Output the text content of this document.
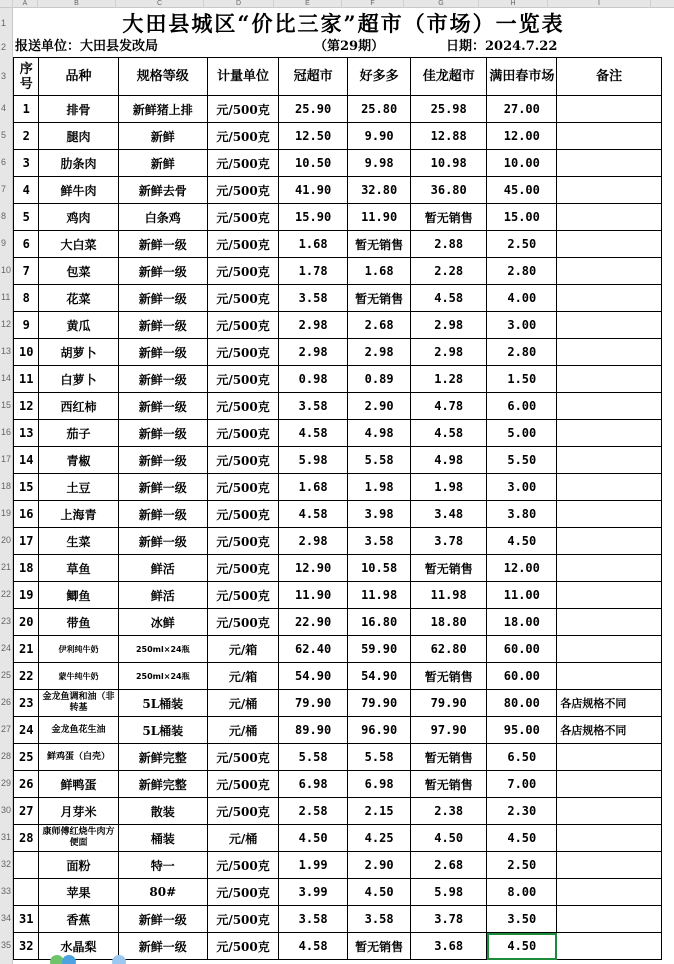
A	B	C	D	E	F	G	H	I
1
2
3
4
5
6
7
8
9
10
11
12
13
14
15
16
17
18
19
20
21
22
23
24
25
26
27
28
29
30
31
32
33
34
35
大田县城区“价比三家”超市（市场）一览表
报送单位：大田县发改局	（第29期）	日期：2024.7.22
序号	品种	规格等级	计量单位	冠超市	好多多	佳龙超市	满田春市场	备注
1	排骨	新鲜猪上排	元/500克	25.90	25.80	25.98	27.00	
2	腿肉	新鲜	元/500克	12.50	9.90	12.88	12.00	
3	肋条肉	新鲜	元/500克	10.50	9.98	10.98	10.00	
4	鲜牛肉	新鲜去骨	元/500克	41.90	32.80	36.80	45.00	
5	鸡肉	白条鸡	元/500克	15.90	11.90	暂无销售	15.00	
6	大白菜	新鲜一级	元/500克	1.68	暂无销售	2.88	2.50	
7	包菜	新鲜一级	元/500克	1.78	1.68	2.28	2.80	
8	花菜	新鲜一级	元/500克	3.58	暂无销售	4.58	4.00	
9	黄瓜	新鲜一级	元/500克	2.98	2.68	2.98	3.00	
10	胡萝卜	新鲜一级	元/500克	2.98	2.98	2.98	2.80	
11	白萝卜	新鲜一级	元/500克	0.98	0.89	1.28	1.50	
12	西红柿	新鲜一级	元/500克	3.58	2.90	4.78	6.00	
13	茄子	新鲜一级	元/500克	4.58	4.98	4.58	5.00	
14	青椒	新鲜一级	元/500克	5.98	5.58	4.98	5.50	
15	土豆	新鲜一级	元/500克	1.68	1.98	1.98	3.00	
16	上海青	新鲜一级	元/500克	4.58	3.98	3.48	3.80	
17	生菜	新鲜一级	元/500克	2.98	3.58	3.78	4.50	
18	草鱼	鲜活	元/500克	12.90	10.58	暂无销售	12.00	
19	鲫鱼	鲜活	元/500克	11.90	11.98	11.98	11.00	
20	带鱼	冰鲜	元/500克	22.90	16.80	18.80	18.00	
21	伊利纯牛奶	250ml×24瓶	元/箱	62.40	59.90	62.80	60.00	
22	蒙牛纯牛奶	250ml×24瓶	元/箱	54.90	54.90	暂无销售	60.00	
23	金龙鱼调和油（非转基	5L桶装	元/桶	79.90	79.90	79.90	80.00	各店规格不同
24	金龙鱼花生油	5L桶装	元/桶	89.90	96.90	97.90	95.00	各店规格不同
25	鲜鸡蛋（白壳）	新鲜完整	元/500克	5.58	5.58	暂无销售	6.50	
26	鲜鸭蛋	新鲜完整	元/500克	6.98	6.98	暂无销售	7.00	
27	月芽米	散装	元/500克	2.58	2.15	2.38	2.30	
28	康师傅红烧牛肉方便面	桶装	元/桶	4.50	4.25	4.50	4.50	
	面粉	特一	元/500克	1.99	2.90	2.68	2.50	
	苹果	80#	元/500克	3.99	4.50	5.98	8.00	
31	香蕉	新鲜一级	元/500克	3.58	3.58	3.78	3.50	
32	水晶梨	新鲜一级	元/500克	4.58	暂无销售	3.68	4.50	
